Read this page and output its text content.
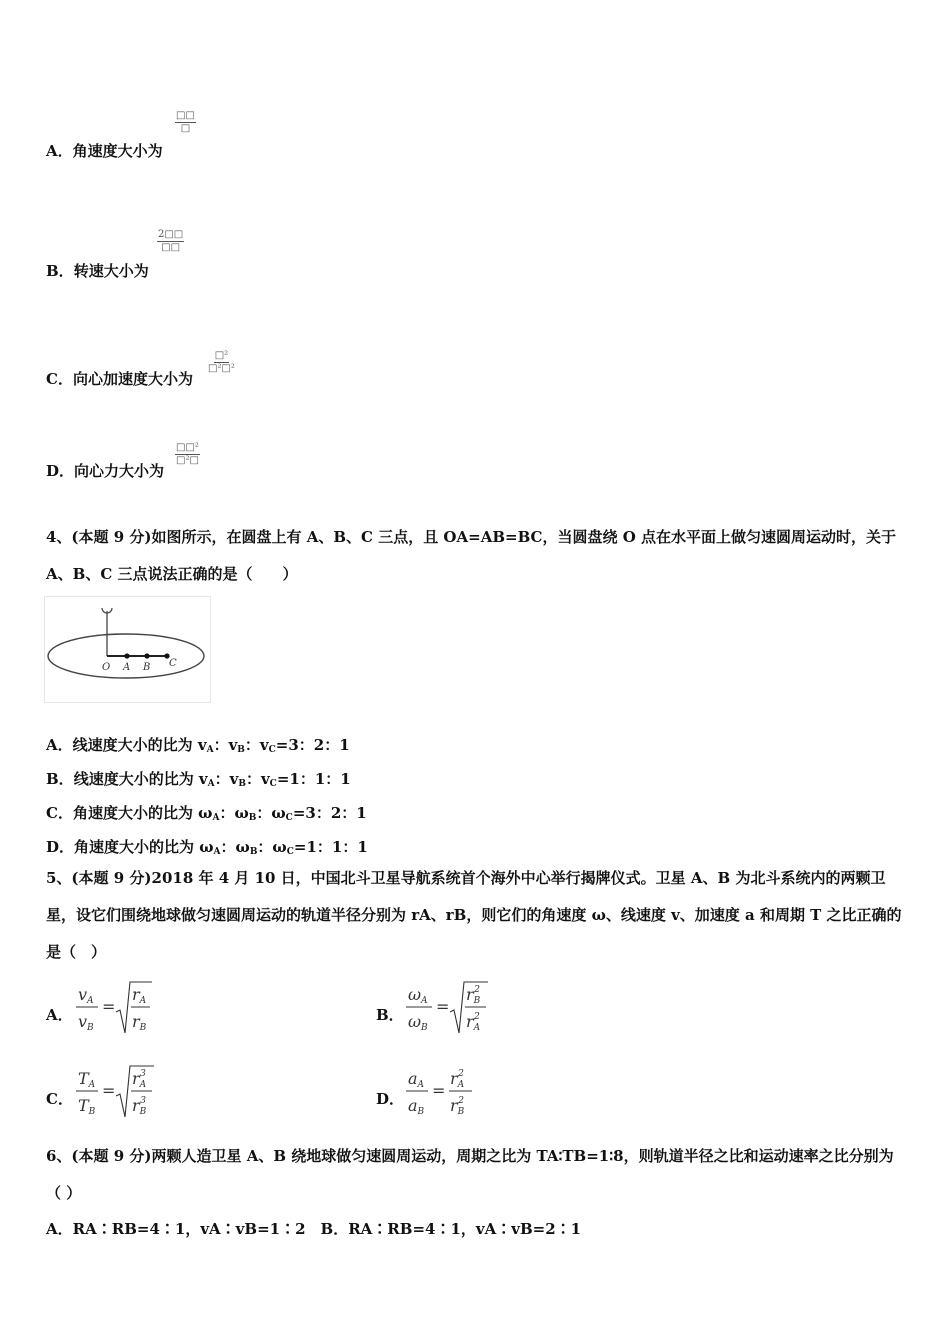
A．角速度大小为
□□
□
B．转速大小为
2□□
□□
C．向心加速度大小为
□²
□²□²
D．向心力大小为
□□²
□²□
4、(本题 9 分)如图所示，在圆盘上有 A、B、C 三点，且 OA=AB=BC，当圆盘绕 O 点在水平面上做匀速圆周运动时，关于 A、B、C 三点说法正确的是（　　）
O A B C
A．线速度大小的比为 $v_A$：$v_B$：$v_C=3$：2：1
B．线速度大小的比为 $v_A$：$v_B$：$v_C=1$：1：1
C．角速度大小的比为 $\omega_A$：$\omega_B$：$\omega_C=3$：2：1
D．角速度大小的比为 $\omega_A$：$\omega_B$：$\omega_C=1$：1：1
5、(本题 9 分)2018 年 4 月 10 日，中国北斗卫星导航系统首个海外中心举行揭牌仪式。卫星 A、B 为北斗系统内的两颗卫星，设它们围绕地球做匀速圆周运动的轨道半径分别为 rA、rB，则它们的角速度 ω、线速度 v、加速度 a 和周期 T 之比正确的是（　）
A．
vA
vB
=
rA
rB
B．
ωA
ωB
=
rB2
rA2
C．
TA
TB
=
rA3
rB3	D．
aA
aB
=
rA2
rB2
6、(本题 9 分)两颗人造卫星 A、B 绕地球做匀速圆周运动，周期之比为 TA∶TB=1∶8，则轨道半径之比和运动速率之比分别为（ ）
A．RA∶RB=4∶1，vA∶vB=1∶2　B．RA∶RB=4∶1，vA∶vB=2∶1
